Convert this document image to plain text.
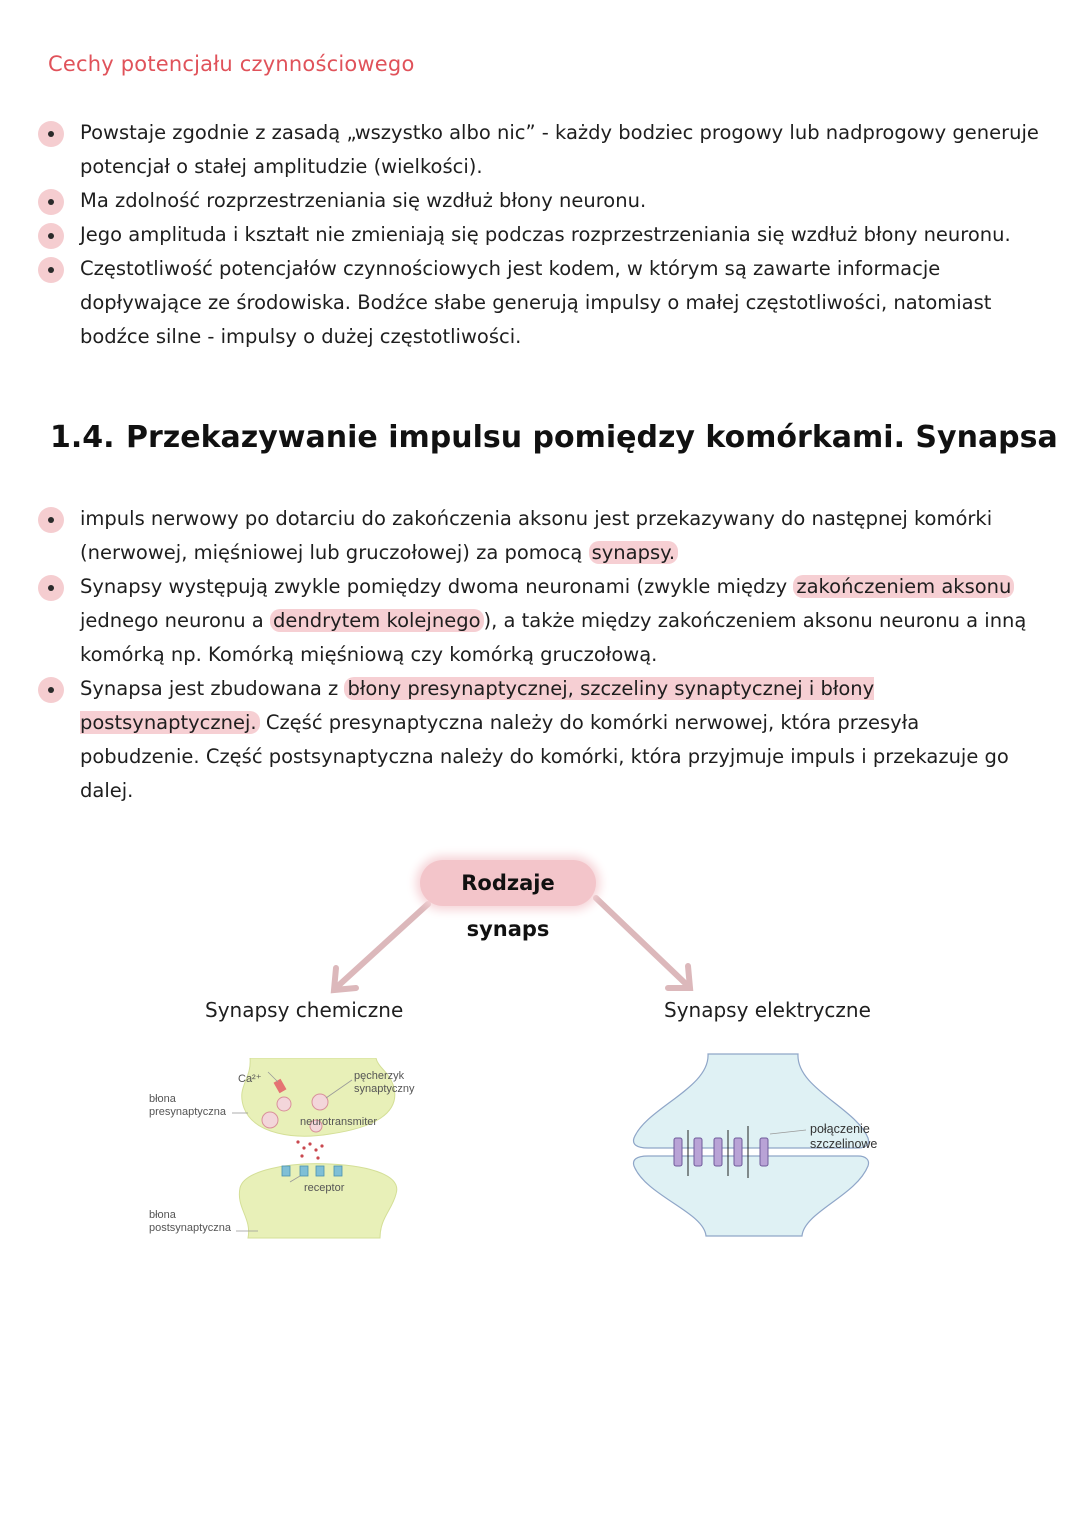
Cechy potencjału czynnościowego
Powstaje zgodnie z zasadą „wszystko albo nic” - każdy bodziec progowy lub nadprogowy generuje potencjał o stałej amplitudzie (wielkości).
Ma zdolność rozprzestrzeniania się wzdłuż błony neuronu.
Jego amplituda i kształt nie zmieniają się podczas rozprzestrzeniania się wzdłuż błony neuronu.
Częstotliwość potencjałów czynnościowych jest kodem, w którym są zawarte informacje dopływające ze środowiska. Bodźce słabe generują impulsy o małej częstotliwości, natomiast bodźce silne - impulsy o dużej częstotliwości.
1.4. Przekazywanie impulsu pomiędzy komórkami. Synapsa
impuls nerwowy po dotarciu do zakończenia aksonu jest przekazywany do następnej komórki (nerwowej, mięśniowej lub gruczołowej) za pomocą synapsy.
Synapsy występują zwykle pomiędzy dwoma neuronami (zwykle między zakończeniem aksonu jednego neuronu a dendrytem kolejnego ), a także między zakończeniem aksonu neuronu a inną komórką np. Komórką mięśniową czy komórką gruczołową.
Synapsa jest zbudowana z błony presynaptycznej, szczeliny synaptycznej i błony postsynaptycznej. Część presynaptyczna należy do komórki nerwowej, która przesyła pobudzenie. Część postsynaptyczna należy do komórki, która przyjmuje impuls i przekazuje go dalej.
Rodzaje synaps
Synapsy chemiczne	Synapsy elektryczne
Ca²⁺	pęcherzyk
synaptyczny
błona
presynaptyczna
neurotransmiter
receptor
błona
postsynaptyczna
połączenie
szczelinowe
